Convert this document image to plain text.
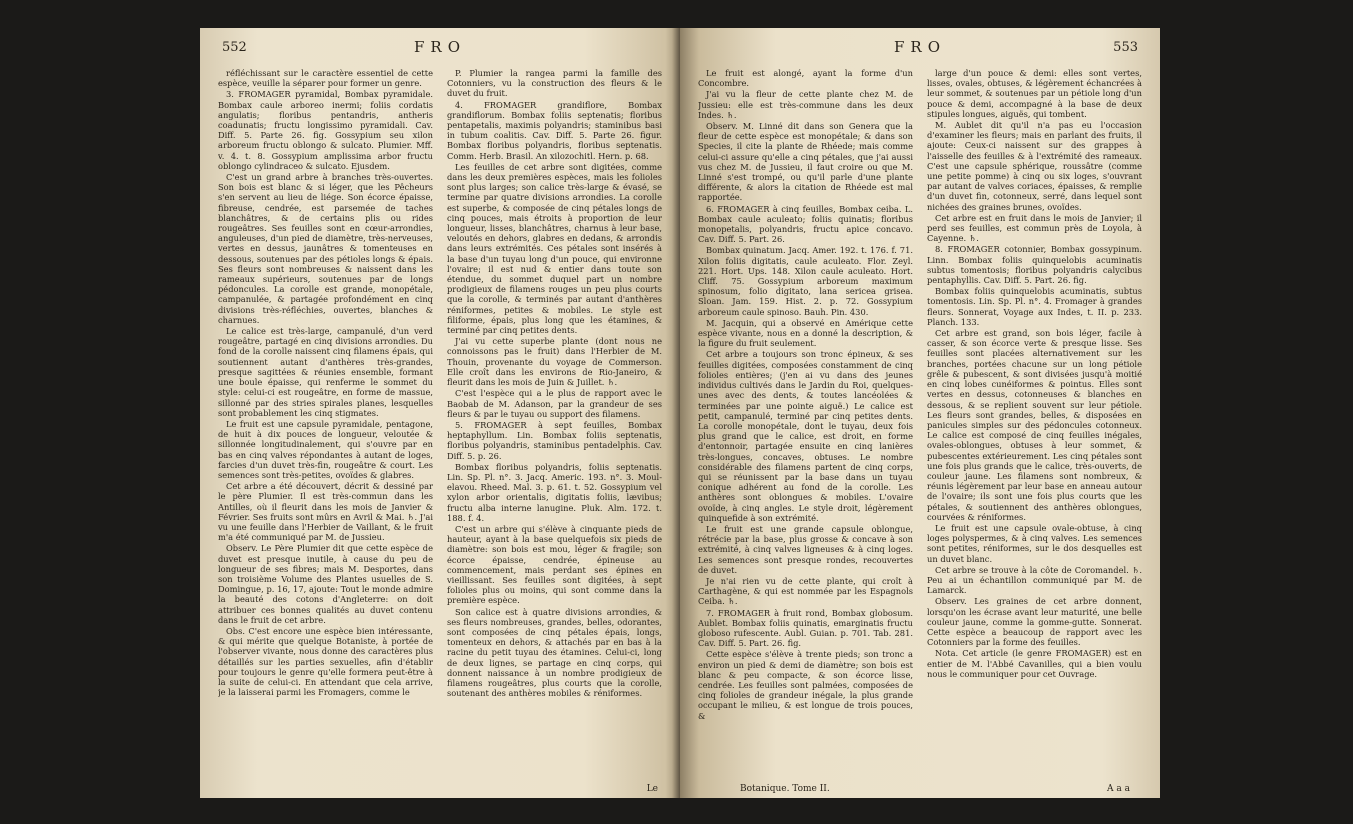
552	FRO

réfléchissant sur le caractère essentiel de cette espèce, veuille la séparer pour former un genre.

3. FROMAGER pyramidal, Bombax pyramidale. Bombax caule arboreo inermi; foliis cordatis angulatis; floribus pentandris, antheris coadunatis; fructu longissimo pyramidali. Cav. Diff. 5. Parte 26. fig. Gossypium seu xilon arboreum fructu oblongo & sulcato. Plumier. Mff. v. 4. t. 8. Gossypium amplissima arbor fructu oblongo cylindraceo & sulcato. Ejusdem.

C'est un grand arbre à branches très-ouvertes. Son bois est blanc & si léger, que les Pêcheurs s'en servent au lieu de liége. Son écorce épaisse, fibreuse, cendrée, est parsemée de taches blanchâtres, & de certains plis ou rides rougeâtres. Ses feuilles sont en cœur-arrondies, anguleuses, d'un pied de diamètre, très-nerveuses, vertes en dessus, jaunâtres & tomenteuses en dessous, soutenues par des pétioles longs & épais. Ses fleurs sont nombreuses & naissent dans les rameaux supérieurs, soutenues par de longs pédoncules. La corolle est grande, monopétale, campanulée, & partagée profondément en cinq divisions très-réfléchies, ouvertes, blanches & charnues.

Le calice est très-large, campanulé, d'un verd rougeâtre, partagé en cinq divisions arrondies. Du fond de la corolle naissent cinq filamens épais, qui soutiennent autant d'anthères très-grandes, presque sagittées & réunies ensemble, formant une boule épaisse, qui renferme le sommet du style: celui-ci est rougeâtre, en forme de massue, sillonné par des stries spirales planes, lesquelles sont probablement les cinq stigmates.

Le fruit est une capsule pyramidale, pentagone, de huit à dix pouces de longueur, veloutée & sillonnée longitudinalement, qui s'ouvre par en bas en cinq valves répondantes à autant de loges, farcies d'un duvet très-fin, rougeâtre & court. Les semences sont très-petites, ovoïdes & glabres.

Cet arbre a été découvert, décrit & dessiné par le père Plumier. Il est très-commun dans les Antilles, où il fleurit dans les mois de Janvier & Février. Ses fruits sont mûrs en Avril & Mai. ♄. J'ai vu une feuille dans l'Herbier de Vaillant, & le fruit m'a été communiqué par M. de Jussieu.

Observ. Le Père Plumier dit que cette espèce de duvet est presque inutile, à cause du peu de longueur de ses fibres; mais M. Desportes, dans son troisième Volume des Plantes usuelles de S. Domingue, p. 16, 17, ajoute: Tout le monde admire la beauté des cotons d'Angleterre: on doit attribuer ces bonnes qualités au duvet contenu dans le fruit de cet arbre.

Obs. C'est encore une espèce bien intéressante, & qui mérite que quelque Botaniste, à portée de l'observer vivante, nous donne des caractères plus détaillés sur les parties sexuelles, afin d'établir pour toujours le genre qu'elle formera peut-être à la suite de celui-ci. En attendant que cela arrive, je la laisserai parmi les Fromagers, comme le

P. Plumier la rangea parmi la famille des Cotonniers, vu la construction des fleurs & le duvet du fruit.

4. FROMAGER grandiflore, Bombax grandiflorum. Bombax foliis septenatis; floribus pentapetalis, maximis polyandris; staminibus basi in tubum coalitis. Cav. Diff. 5. Parte 26. figur. Bombax floribus polyandris, floribus septenatis. Comm. Herb. Brasil. An xilozochitl. Hern. p. 68.

Les feuilles de cet arbre sont digitées, comme dans les deux premières espèces, mais les folioles sont plus larges; son calice très-large & évasé, se termine par quatre divisions arrondies. La corolle est superbe, & composée de cinq pétales longs de cinq pouces, mais étroits à proportion de leur longueur, lisses, blanchâtres, charnus à leur base, veloutés en dehors, glabres en dedans, & arrondis dans leurs extrémités. Ces pétales sont insérés à la base d'un tuyau long d'un pouce, qui environne l'ovaire; il est nud & entier dans toute son étendue, du sommet duquel part un nombre prodigieux de filamens rouges un peu plus courts que la corolle, & terminés par autant d'anthères réniformes, petites & mobiles. Le style est filiforme, épais, plus long que les étamines, & terminé par cinq petites dents.

J'ai vu cette superbe plante (dont nous ne connoissons pas le fruit) dans l'Herbier de M. Thouin, provenante du voyage de Commerson. Elle croît dans les environs de Rio-Janeiro, & fleurit dans les mois de Juin & Juillet. ♄.

C'est l'espèce qui a le plus de rapport avec le Baobab de M. Adanson, par la grandeur de ses fleurs & par le tuyau ou support des filamens.

5. FROMAGER à sept feuilles, Bombax heptaphyllum. Lin. Bombax foliis septenatis, floribus polyandris, staminibus pentadelphis. Cav. Diff. 5. p. 26.

Bombax floribus polyandris, foliis septenatis. Lin. Sp. Pl. n°. 3. Jacq. Americ. 193. n°. 3. Moul-elavou. Rheed. Mal. 3. p. 61. t. 52. Gossypium vel xylon arbor orientalis, digitatis foliis, lævibus; fructu alba interne lanugine. Pluk. Alm. 172. t. 188. f. 4.

C'est un arbre qui s'élève à cinquante pieds de hauteur, ayant à la base quelquefois six pieds de diamètre: son bois est mou, léger & fragile; son écorce épaisse, cendrée, épineuse au commencement, mais perdant ses épines en vieillissant. Ses feuilles sont digitées, à sept folioles plus ou moins, qui sont comme dans la première espèce.

Son calice est à quatre divisions arrondies, & ses fleurs nombreuses, grandes, belles, odorantes, sont composées de cinq pétales épais, longs, tomenteux en dehors, & attachés par en bas à la racine du petit tuyau des étamines. Celui-ci, long de deux lignes, se partage en cinq corps, qui donnent naissance à un nombre prodigieux de filamens rougeâtres, plus courts que la corolle, soutenant des anthères mobiles & réniformes.

Le
FRO	553

Le fruit est alongé, ayant la forme d'un Concombre.

J'ai vu la fleur de cette plante chez M. de Jussieu: elle est très-commune dans les deux Indes. ♄.

Observ. M. Linné dit dans son Genera que la fleur de cette espèce est monopétale; & dans son Species, il cite la plante de Rhéede; mais comme celui-ci assure qu'elle a cinq pétales, que j'ai aussi vus chez M. de Jussieu, il faut croire ou que M. Linné s'est trompé, ou qu'il parle d'une plante différente, & alors la citation de Rhéede est mal rapportée.

6. FROMAGER à cinq feuilles, Bombax ceiba. L. Bombax caule aculeato; foliis quinatis; floribus monopetalis, polyandris, fructu apice concavo. Cav. Diff. 5. Part. 26.

Bombax quinatum. Jacq. Amer. 192. t. 176. f. 71. Xilon foliis digitatis, caule aculeato. Flor. Zeyl. 221. Hort. Ups. 148. Xilon caule aculeato. Hort. Cliff. 75. Gossypium arboreum maximum spinosum, folio digitato, lana sericea grisea. Sloan. Jam. 159. Hist. 2. p. 72. Gossypium arboreum caule spinoso. Bauh. Pin. 430.

M. Jacquin, qui a observé en Amérique cette espèce vivante, nous en a donné la description, & la figure du fruit seulement.

Cet arbre a toujours son tronc épineux, & ses feuilles digitées, composées constamment de cinq folioles entières; (j'en ai vu dans des jeunes individus cultivés dans le Jardin du Roi, quelques-unes avec des dents, & toutes lancéolées & terminées par une pointe aiguë.) Le calice est petit, campanulé, terminé par cinq petites dents. La corolle monopétale, dont le tuyau, deux fois plus grand que le calice, est droit, en forme d'entonnoir, partagée ensuite en cinq lanières très-longues, concaves, obtuses. Le nombre considérable des filamens partent de cinq corps, qui se réunissent par la base dans un tuyau conique adhérent au fond de la corolle. Les anthères sont oblongues & mobiles. L'ovaire ovoïde, à cinq angles. Le style droit, légèrement quinquefide à son extrémité.

Le fruit est une grande capsule oblongue, rétrécie par la base, plus grosse & concave à son extrémité, à cinq valves ligneuses & à cinq loges. Les semences sont presque rondes, recouvertes de duvet.

Je n'ai rien vu de cette plante, qui croît à Carthagène, & qui est nommée par les Espagnols Ceiba. ♄.

7. FROMAGER à fruit rond, Bombax globosum. Aublet. Bombax foliis quinatis, emarginatis fructu globoso rufescente. Aubl. Guian. p. 701. Tab. 281. Cav. Diff. 5. Part. 26. fig.

Cette espèce s'élève à trente pieds; son tronc a environ un pied & demi de diamètre; son bois est blanc & peu compacte, & son écorce lisse, cendrée. Les feuilles sont palmées, composées de cinq folioles de grandeur inégale, la plus grande occupant le milieu, & est longue de trois pouces, &

large d'un pouce & demi: elles sont vertes, lisses, ovales, obtuses, & légèrement échancrées à leur sommet, & soutenues par un pétiole long d'un pouce & demi, accompagné à la base de deux stipules longues, aiguës, qui tombent.

M. Aublet dit qu'il n'a pas eu l'occasion d'examiner les fleurs; mais en parlant des fruits, il ajoute: Ceux-ci naissent sur des grappes à l'aisselle des feuilles & à l'extrémité des rameaux. C'est une capsule sphérique, roussâtre (comme une petite pomme) à cinq ou six loges, s'ouvrant par autant de valves coriaces, épaisses, & remplie d'un duvet fin, cotonneux, serré, dans lequel sont nichées des graines brunes, ovoïdes.

Cet arbre est en fruit dans le mois de Janvier; il perd ses feuilles, est commun près de Loyola, à Cayenne. ♄.

8. FROMAGER cotonnier, Bombax gossypinum. Linn. Bombax foliis quinquelobis acuminatis subtus tomentosis; floribus polyandris calycibus pentaphyllis. Cav. Diff. 5. Part. 26. fig.

Bombax foliis quinquelobis acuminatis, subtus tomentosis. Lin. Sp. Pl. n°. 4. Fromager à grandes fleurs. Sonnerat, Voyage aux Indes, t. II. p. 233. Planch. 133.

Cet arbre est grand, son bois léger, facile à casser, & son écorce verte & presque lisse. Ses feuilles sont placées alternativement sur les branches, portées chacune sur un long pétiole grêle & pubescent, & sont divisées jusqu'à moitié en cinq lobes cunéiformes & pointus. Elles sont vertes en dessus, cotonneuses & blanches en dessous, & se replient souvent sur leur pétiole. Les fleurs sont grandes, belles, & disposées en panicules simples sur des pédoncules cotonneux. Le calice est composé de cinq feuilles inégales, ovales-oblongues, obtuses à leur sommet, & pubescentes extérieurement. Les cinq pétales sont une fois plus grands que le calice, très-ouverts, de couleur jaune. Les filamens sont nombreux, & réunis légèrement par leur base en anneau autour de l'ovaire; ils sont une fois plus courts que les pétales, & soutiennent des anthères oblongues, courvées & réniformes.

Le fruit est une capsule ovale-obtuse, à cinq loges polyspermes, & à cinq valves. Les semences sont petites, réniformes, sur le dos desquelles est un duvet blanc.

Cet arbre se trouve à la côte de Coromandel. ♄. Peu ai un échantillon communiqué par M. de Lamarck.

Observ. Les graines de cet arbre donnent, lorsqu'on les écrase avant leur maturité, une belle couleur jaune, comme la gomme-gutte. Sonnerat. Cette espèce a beaucoup de rapport avec les Cotonniers par la forme des feuilles.

Nota. Cet article (le genre FROMAGER) est en entier de M. l'Abbé Cavanilles, qui a bien voulu nous le communiquer pour cet Ouvrage.

Botanique. Tome II.	A a a
